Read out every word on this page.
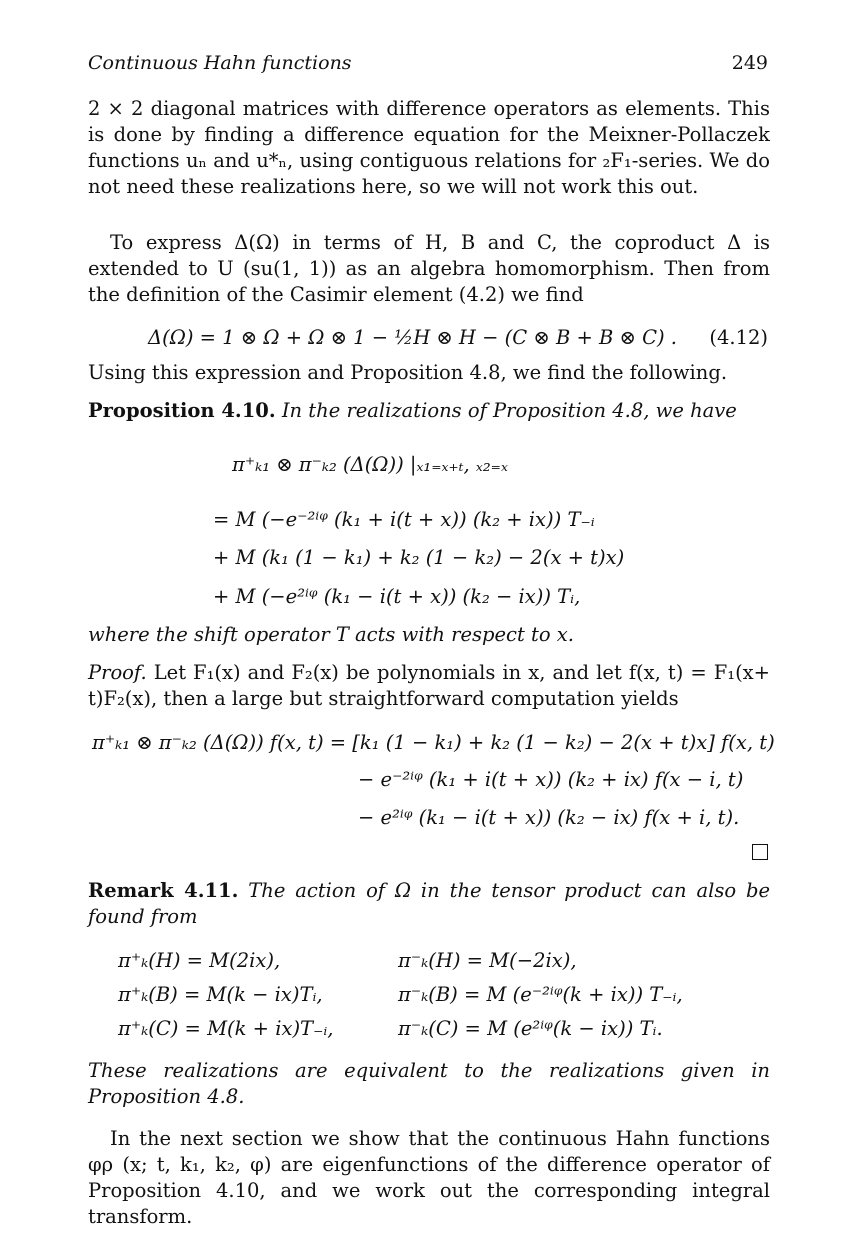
Continuous Hahn functions	249
2 × 2 diagonal matrices with difference operators as elements. This is done by finding a difference equation for the Meixner-Pollaczek functions uₙ and u*ₙ, using contiguous relations for ₂F₁-series. We do not need these realizations here, so we will not work this out.
To express Δ(Ω) in terms of H, B and C, the coproduct Δ is extended to U (su(1, 1)) as an algebra homomorphism. Then from the definition of the Casimir element (4.2) we find
Δ(Ω) = 1 ⊗ Ω + Ω ⊗ 1 − ½H ⊗ H − (C ⊗ B + B ⊗ C) . (4.12)
Using this expression and Proposition 4.8, we find the following.
Proposition 4.10. In the realizations of Proposition 4.8, we have
π⁺ₖ₁ ⊗ π⁻ₖ₂ (Δ(Ω)) |ₓ₁₌ₓ₊ₜ, ₓ₂₌ₓ
= M (−e⁻²ⁱᵠ (k₁ + i(t + x)) (k₂ + ix)) T₋ᵢ
+ M (k₁ (1 − k₁) + k₂ (1 − k₂) − 2(x + t)x)
+ M (−e²ⁱᵠ (k₁ − i(t + x)) (k₂ − ix)) Tᵢ,
where the shift operator T acts with respect to x.
Proof. Let F₁(x) and F₂(x) be polynomials in x, and let f(x, t) = F₁(x+ t)F₂(x), then a large but straightforward computation yields
π⁺ₖ₁ ⊗ π⁻ₖ₂ (Δ(Ω)) f(x, t) = [k₁ (1 − k₁) + k₂ (1 − k₂) − 2(x + t)x] f(x, t)
− e⁻²ⁱᵠ (k₁ + i(t + x)) (k₂ + ix) f(x − i, t)
− e²ⁱᵠ (k₁ − i(t + x)) (k₂ − ix) f(x + i, t).
Remark 4.11. The action of Ω in the tensor product can also be found from
π⁺ₖ(H) = M(2ix),
π⁺ₖ(B) = M(k − ix)Tᵢ,
π⁺ₖ(C) = M(k + ix)T₋ᵢ,
π⁻ₖ(H) = M(−2ix),
π⁻ₖ(B) = M (e⁻²ⁱᵠ(k + ix)) T₋ᵢ,
π⁻ₖ(C) = M (e²ⁱᵠ(k − ix)) Tᵢ.
These realizations are equivalent to the realizations given in Proposition 4.8.
In the next section we show that the continuous Hahn functions φρ (x; t, k₁, k₂, φ) are eigenfunctions of the difference operator of Proposition 4.10, and we work out the corresponding integral transform.
